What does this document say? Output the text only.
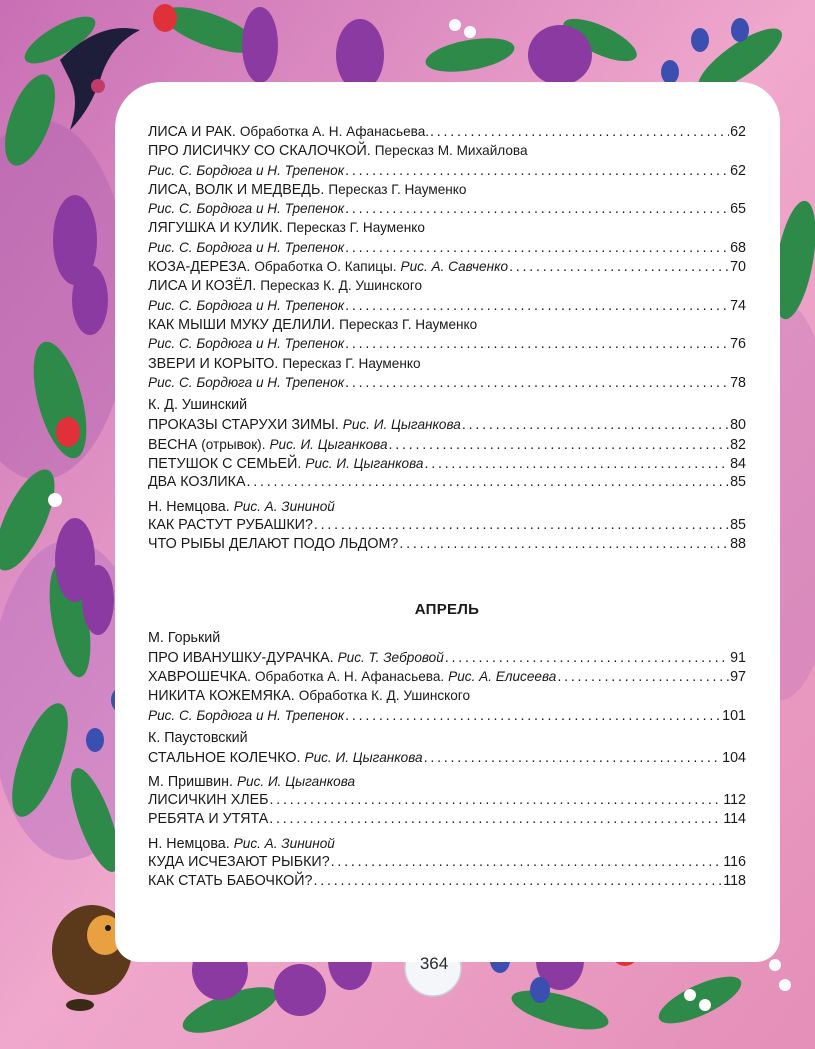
ЛИСА И РАК.
Обработка А. Н. Афанасьева. . . .	62
ПРО ЛИСИЧКУ СО СКАЛОЧКОЙ.
Пересказ М. Михайлова
Рис. С. Бордюга и Н. Трепенок . . .	62
ЛИСА, ВОЛК И МЕДВЕДЬ.
Пересказ Г. Науменко
Рис. С. Бордюга и Н. Трепенок . . .	65
ЛЯГУШКА И КУЛИК.
Пересказ Г. Науменко
Рис. С. Бордюга и Н. Трепенок . . .	68
КОЗА-ДЕРЕЗА.
Обработка О. Капицы.
Рис. А. Савченко . . .	70
ЛИСА И КОЗЁЛ.
Пересказ К. Д. Ушинского
Рис. С. Бордюга и Н. Трепенок . . .	74
КАК МЫШИ МУКУ ДЕЛИЛИ.
Пересказ Г. Науменко
Рис. С. Бордюга и Н. Трепенок . . .	76
ЗВЕРИ И КОРЫТО.
Пересказ Г. Науменко
Рис. С. Бордюга и Н. Трепенок . . .	78
К. Д. Ушинский
ПРОКАЗЫ СТАРУХИ ЗИМЫ.
Рис. И. Цыганкова . . .	80
ВЕСНА
(отрывок).
Рис. И. Цыганкова . . .	82
ПЕТУШОК С СЕМЬЕЙ.
Рис. И. Цыганкова . . .	84
ДВА КОЗЛИКА . . .	85
Н. Немцова.
Рис. А. Зининой
КАК РАСТУТ РУБАШКИ? . . .	85
ЧТО РЫБЫ ДЕЛАЮТ ПОДО ЛЬДОМ? . . .	88
АПРЕЛЬ
М. Горький
ПРО ИВАНУШКУ-ДУРАЧКА.
Рис. Т. Зебровой . . .	91
ХАВРОШЕЧКА.
Обработка А. Н. Афанасьева.
Рис. А. Елисеева . . .	97
НИКИТА КОЖЕМЯКА.
Обработка К. Д. Ушинского
Рис. С. Бордюга и Н. Трепенок . . .	101
К. Паустовский
СТАЛЬНОЕ КОЛЕЧКО.
Рис. И. Цыганкова . . .	104
М. Пришвин.
Рис. И. Цыганкова
ЛИСИЧКИН ХЛЕБ . . .	112
РЕБЯТА И УТЯТА . . .	114
Н. Немцова.
Рис. А. Зининой
КУДА ИСЧЕЗАЮТ РЫБКИ? . . .	116
КАК СТАТЬ БАБОЧКОЙ? . . .	118
364
